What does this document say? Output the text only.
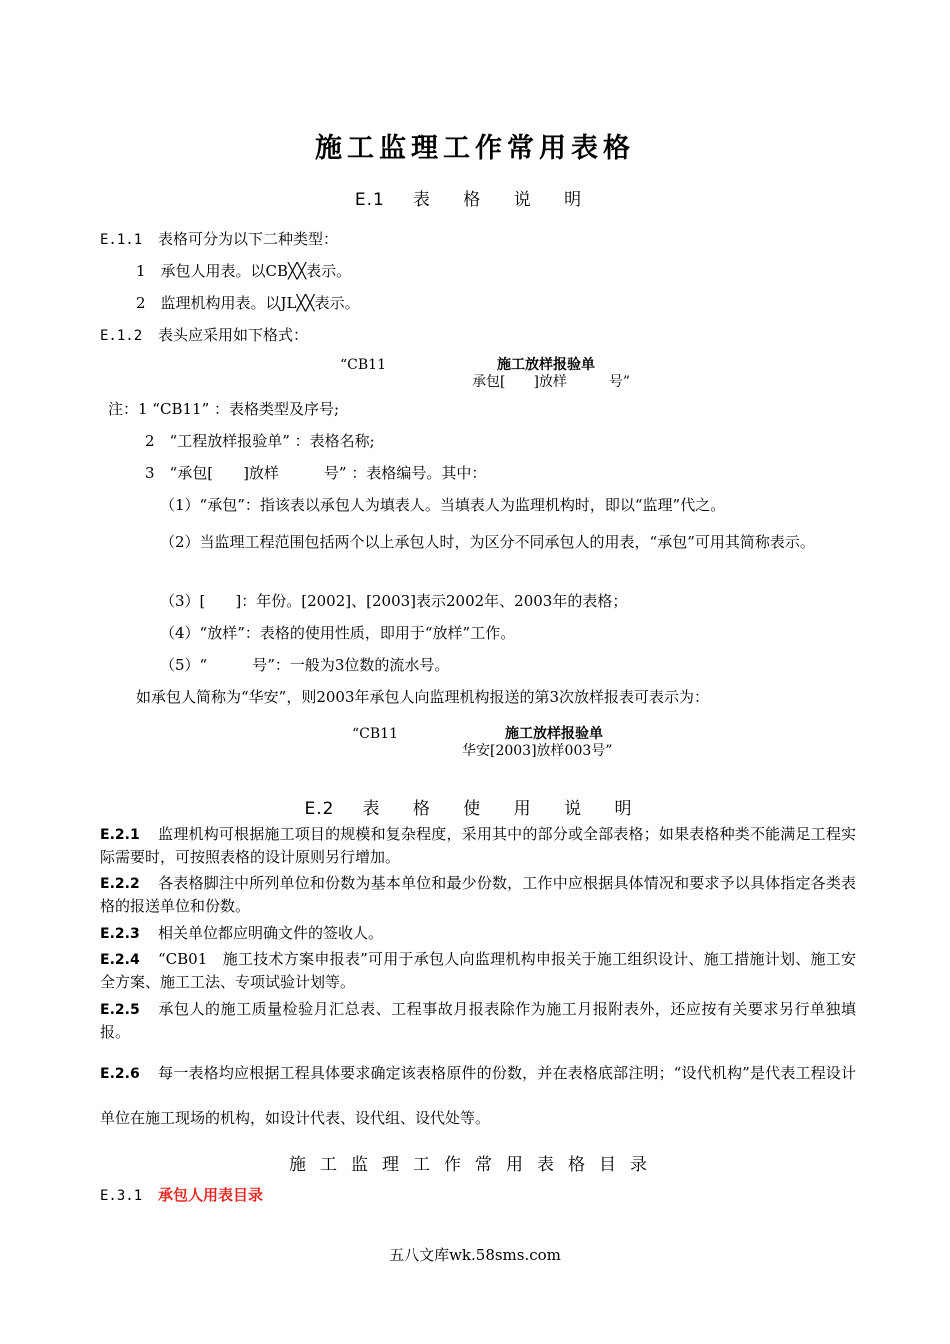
施工监理工作常用表格
E.1 表 格 说 明
E.1.1 表格可分为以下二种类型：
1　承包人用表。以CB╳╳表示。
2　监理机构用表。以JL╳╳表示。
E.1.2 表头应采用如下格式：
“CB11	施工放样报验单
承包[　　]放样　　　号”
注：1 “CB11” ：表格类型及序号;
2　“工程放样报验单” ：表格名称;
3　“承包[　　]放样　　　号” ：表格编号。其中：
（1）“承包”：指该表以承包人为填表人。当填表人为监理机构时，即以“监理”代之。
（2）当监理工程范围包括两个以上承包人时，为区分不同承包人的用表，“承包”可用其简称表示。
（3）[　　]：年份。[2002]、[2003]表示2002年、2003年的表格；
（4）“放样”：表格的使用性质，即用于“放样”工作。
（5）“　　　号”：一般为3位数的流水号。
如承包人简称为“华安”，则2003年承包人向监理机构报送的第3次放样报表可表示为：
“CB11	施工放样报验单
华安[2003]放样003号”
E.2 表 格 使 用 说 明
E.2.1 监理机构可根据施工项目的规模和复杂程度，采用其中的部分或全部表格；如果表格种类不能满足工程实际需要时，可按照表格的设计原则另行增加。
E.2.2 各表格脚注中所列单位和份数为基本单位和最少份数，工作中应根据具体情况和要求予以具体指定各类表格的报送单位和份数。
E.2.3 相关单位都应明确文件的签收人。
E.2.4 “CB01　施工技术方案申报表”可用于承包人向监理机构申报关于施工组织设计、施工措施计划、施工安全方案、施工工法、专项试验计划等。
E.2.5 承包人的施工质量检验月汇总表、工程事故月报表除作为施工月报附表外，还应按有关要求另行单独填报。
E.2.6 每一表格均应根据工程具体要求确定该表格原件的份数，并在表格底部注明；“设代机构”是代表工程设计单位在施工现场的机构，如设计代表、设代组、设代处等。
施工监理工作常用表格目录
E.3.1 承包人用表目录
五八文库wk.58sms.com
